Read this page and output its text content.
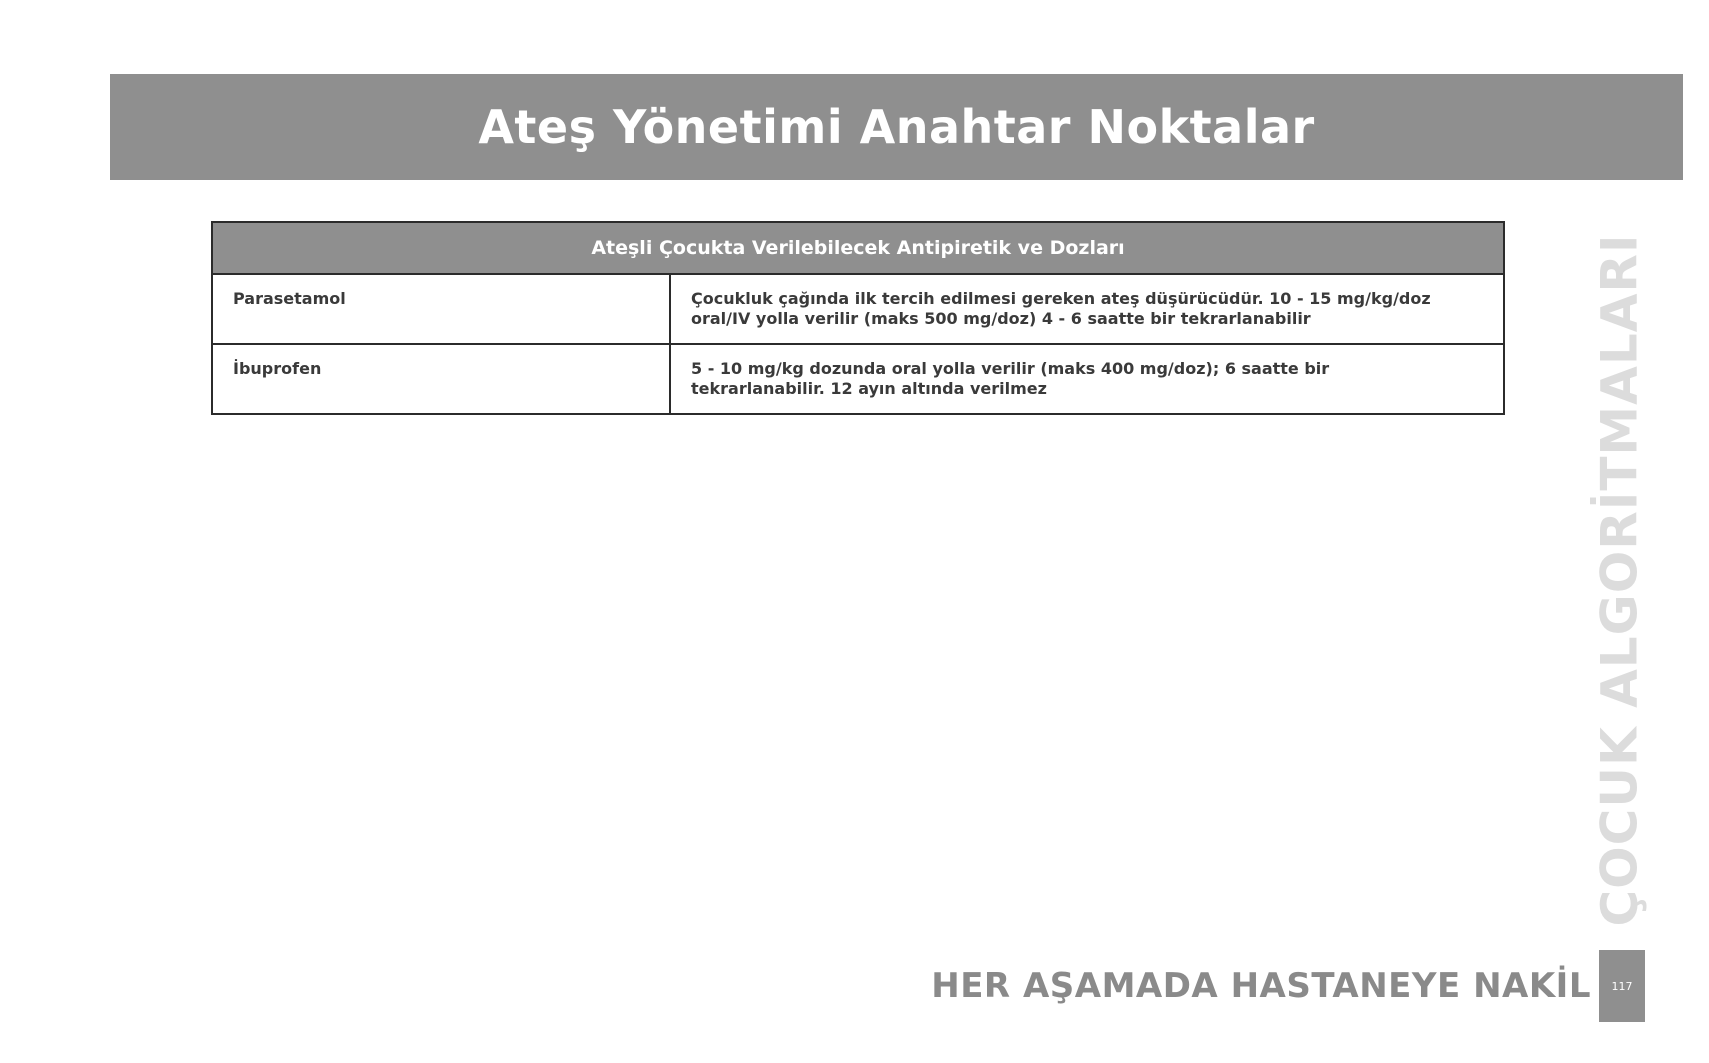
Ateş Yönetimi Anahtar Noktalar
Ateşli Çocukta Verilebilecek Antipiretik ve Dozları	
Parasetamol	Çocukluk çağında ilk tercih edilmesi gereken ateş düşürücüdür. 10 - 15 mg/kg/doz
oral/IV yolla verilir (maks 500 mg/doz) 4 - 6 saatte bir tekrarlanabilir

İbuprofen	5 - 10 mg/kg dozunda oral yolla verilir (maks 400 mg/doz); 6 saatte bir
tekrarlanabilir. 12 ayın altında verilmez	ÇOCUK ALGORİTMALARI
HER AŞAMADA HASTANEYE NAKİL 117
